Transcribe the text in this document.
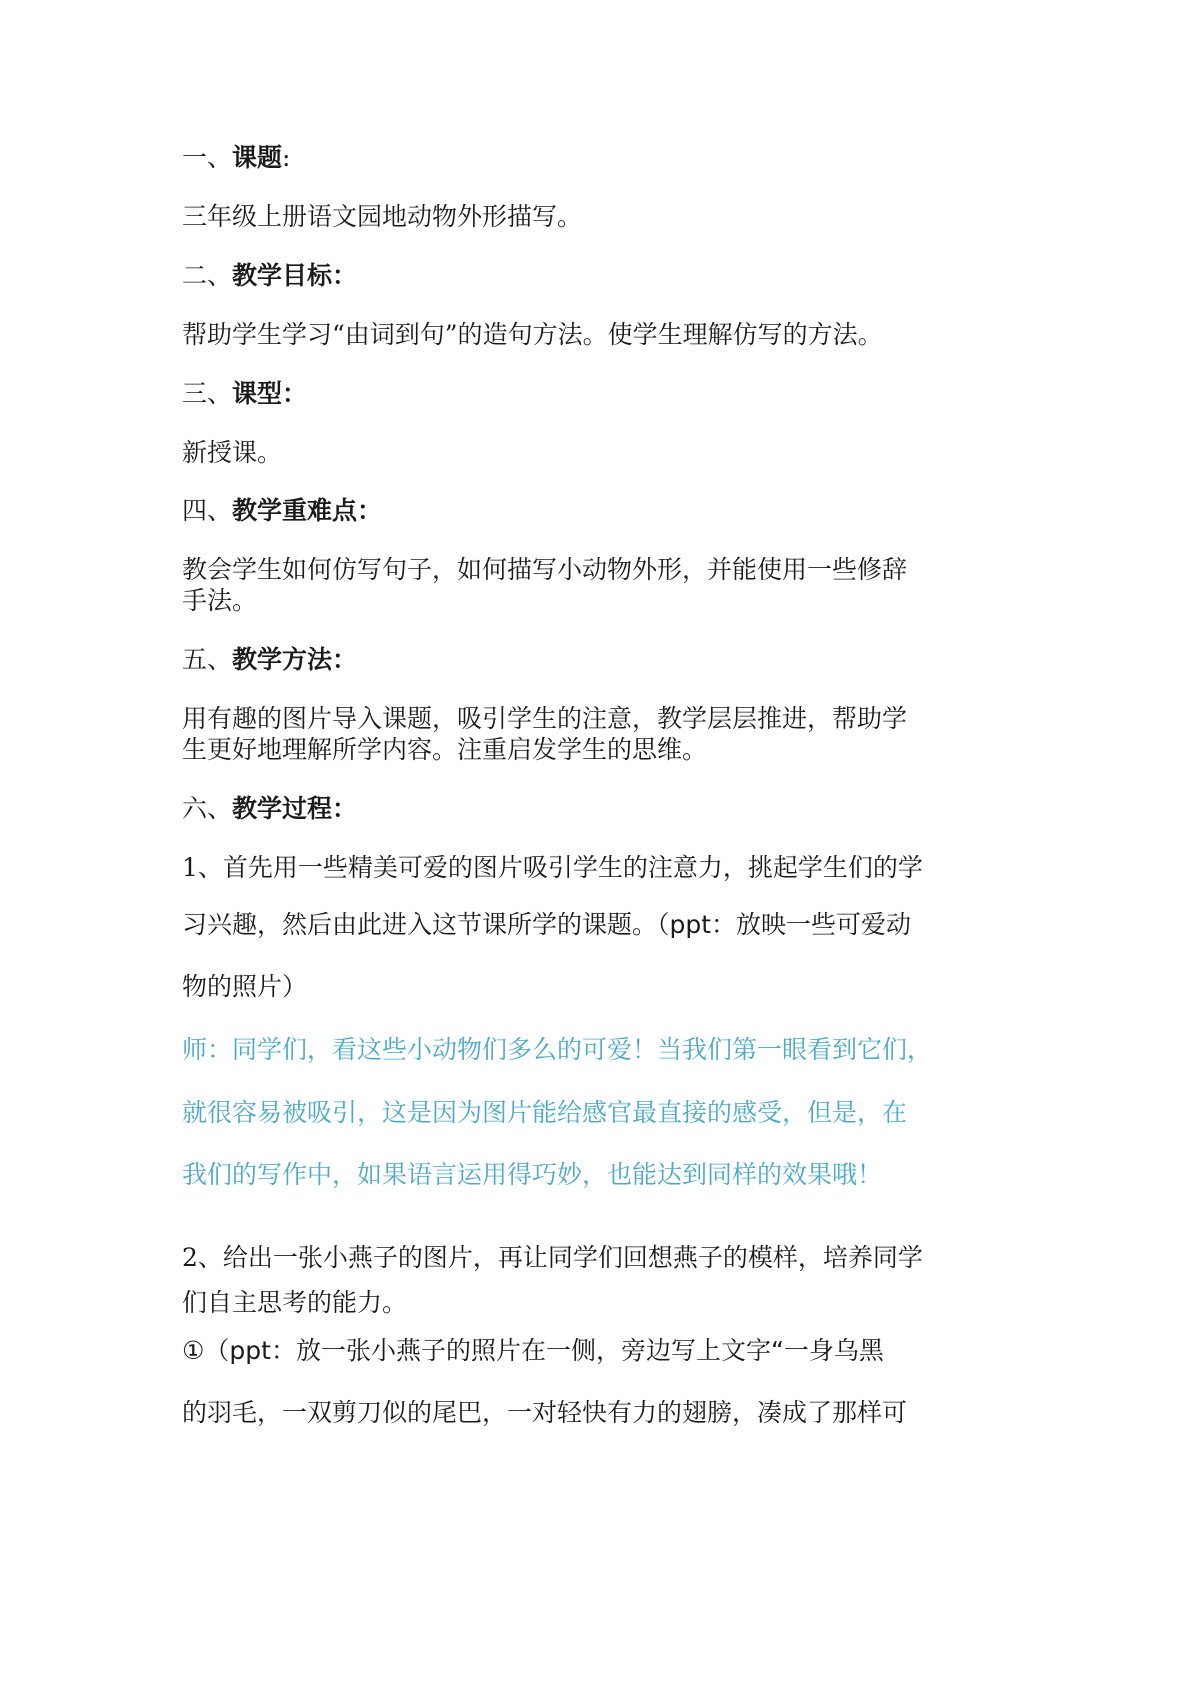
一、课题:
三年级上册语文园地动物外形描写。
二、教学目标：
帮助学生学习“由词到句”的造句方法。使学生理解仿写的方法。
三、课型：
新授课。
四、教学重难点：
教会学生如何仿写句子，如何描写小动物外形，并能使用一些修辞
手法。
五、教学方法：
用有趣的图片导入课题，吸引学生的注意，教学层层推进，帮助学
生更好地理解所学内容。注重启发学生的思维。
六、教学过程：
1、首先用一些精美可爱的图片吸引学生的注意力，挑起学生们的学
习兴趣，然后由此进入这节课所学的课题。（ppt：放映一些可爱动
物的照片）
师：同学们，看这些小动物们多么的可爱！当我们第一眼看到它们，
就很容易被吸引，这是因为图片能给感官最直接的感受，但是，在
我们的写作中，如果语言运用得巧妙，也能达到同样的效果哦！
2、给出一张小燕子的图片，再让同学们回想燕子的模样，培养同学
们自主思考的能力。
①（ppt：放一张小燕子的照片在一侧，旁边写上文字“一身乌黑
的羽毛，一双剪刀似的尾巴，一对轻快有力的翅膀，凑成了那样可
